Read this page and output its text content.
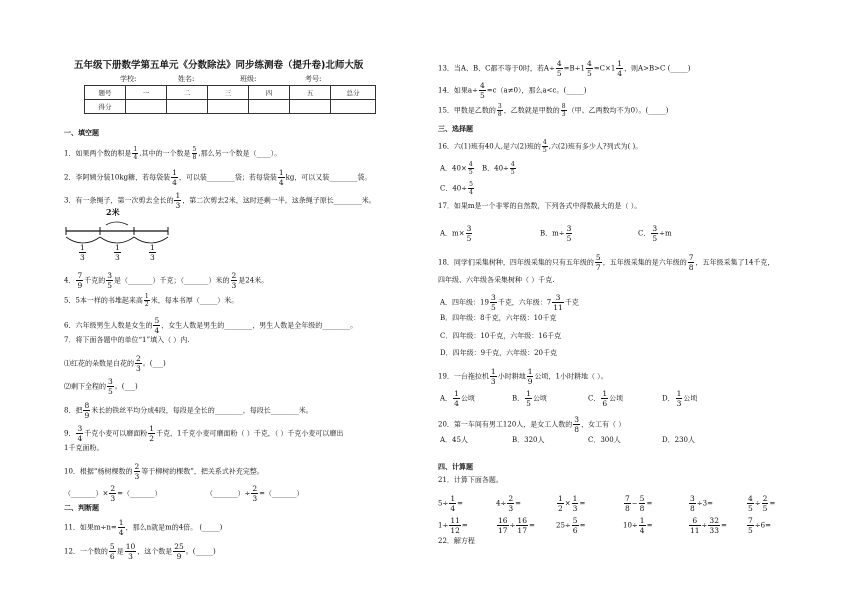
五年级下册数学第五单元《分数除法》同步练测卷（提升卷)北师大版
学校:	姓名:	班级:	考号:
题号	一	二	三	四	五	总分
得分						
一、填空题
1．如果两个数的积是 $\frac{1}{4}$ ,其中的一个数是 $\frac{5}{8}$ ,那么另一个数是（____）。
2．李阿姨分装10kg糖，若每袋装 $\frac{1}{4}$ ，可以装________袋；若每袋装 $\frac{1}{4}$ kg，可以又装________袋。
3．有一条绳子，第一次剪去全长的 $\frac{1}{3}$ ，第二次剪去2米，这时还剩一半，这条绳子原长________米。
2米
$\frac{1}{3}$	$\frac{1}{3}$	$\frac{1}{3}$
4． $\frac{7}{9}$ 千克的 $\frac{3}{5}$ 是（_______）千克；（_______）米的 $\frac{2}{3}$ 是24米。
5．5本一样的书堆起来高 $\frac{1}{2}$ 米，每本书厚（_____）米。
6．六年级男生人数是女生的 $\frac{5}{4}$ ，女生人数是男生的________，男生人数是全年级的________。
7．将下面各题中的单位“1”填入（ ）内.
⑴红花的朵数是白花的 $\frac{2}{3}$ 。(___)
⑵剩下全程的 $\frac{3}{5}$ 。(___)
8．把 $\frac{8}{9}$ 米长的铁丝平均分成4段，每段是全长的________，每段长________米。
9． $\frac{3}{4}$ 千克小麦可以磨面粉 $\frac{1}{2}$ 千克，1千克小麦可磨面粉（ ）千克，（ ）千克小麦可以磨出
1千克面粉。
10．根据“杨树棵数的 $\frac{2}{3}$ 等于柳树的棵数”，把关系式补充完整。
（_______）× $\frac{2}{3}$ =（_______）	（_______）÷ $\frac{2}{3}$ =（_______）
二、判断题
11．如果$m\div n= \frac{1}{4}$ ，那么n就是m的4倍。 (_____)
12．一个数的 $\frac{5}{6}$ 是 $\frac{10}{3}$ ，这个数是 $\frac{25}{9}$ 。(_____)
13．当A、B、C都不等于0时，若$A\div \frac{4}{5} =B\div 1 \frac{4}{5} =C\times 1 \frac{1}{4}$ ，则A>B>C (_____)
14．如果$a\div \frac{4}{5} =c(a\ne 0)$，那么a<c。(_____)
15．甲数是乙数的 $\frac{3}{8}$ ，乙数就是甲数的 $\frac{8}{3}$ （甲、乙两数均不为0）。(_____)
三、选择题
16．六(1)班有40人,是六(2)班的 $\frac{4}{5}$ ,六(2)班有多少人?列式为( )。
A．$40\times \frac{4}{5}$ B．$40\div \frac{4}{5}$
C．$40\div \frac{5}{4}$
17．如果m是一个非零的自然数，下列各式中得数最大的是（ ）。
A．$m\times \frac{3}{5}$	B．$m\div \frac{3}{5}$	C． $\frac{3}{5} \div m$
18．同学们采集树种，四年级采集的只有五年级的 $\frac{5}{7}$ ，五年级采集的是六年级的 $\frac{7}{8}$ ，五年级采集了14千克，
四年级、六年级各采集树种（ ）千克.
A．四年级：$19 \frac{3}{5}$ 千克，六年级：$7 \frac{3}{11}$ 千克
B．四年级：8千克，六年级：10千克
C．四年级：10千克，六年级：16千克
D．四年级：9千克，六年级：20千克
19．一台拖拉机 $\frac{1}{3}$ 小时耕地 $\frac{1}{9}$ 公顷，1小时耕地（ ）。
A． $\frac{1}{4}$ 公顷	B． $\frac{1}{5}$ 公顷	C． $\frac{1}{6}$ 公顷	D． $\frac{1}{3}$ 公顷
20．第一车间有男工120人，是女工人数的 $\frac{3}{8}$ ，女工有（ ）
A．45人	B．320人	C．300人	D．230人
四、计算题
21．计算下面各题。
$5\div \frac{1}{4}$ =	$4\div \frac{2}{3}$ =	$\frac{1}{2} \times \frac{1}{3}$ =	$\frac{7}{8} - \frac{5}{8}$ =	$\frac{3}{8} \div 3=$	$\frac{4}{5} \div \frac{2}{5}$ =
$1\div \frac{11}{12}$ =	$\frac{16}{17} \div \frac{16}{17}$ =	$25\div \frac{5}{6}$ =	$10\div \frac{1}{4}$ =	$\frac{6}{11} \div \frac{32}{33}$ =	$\frac{7}{5} \div 6=$
22．解方程
